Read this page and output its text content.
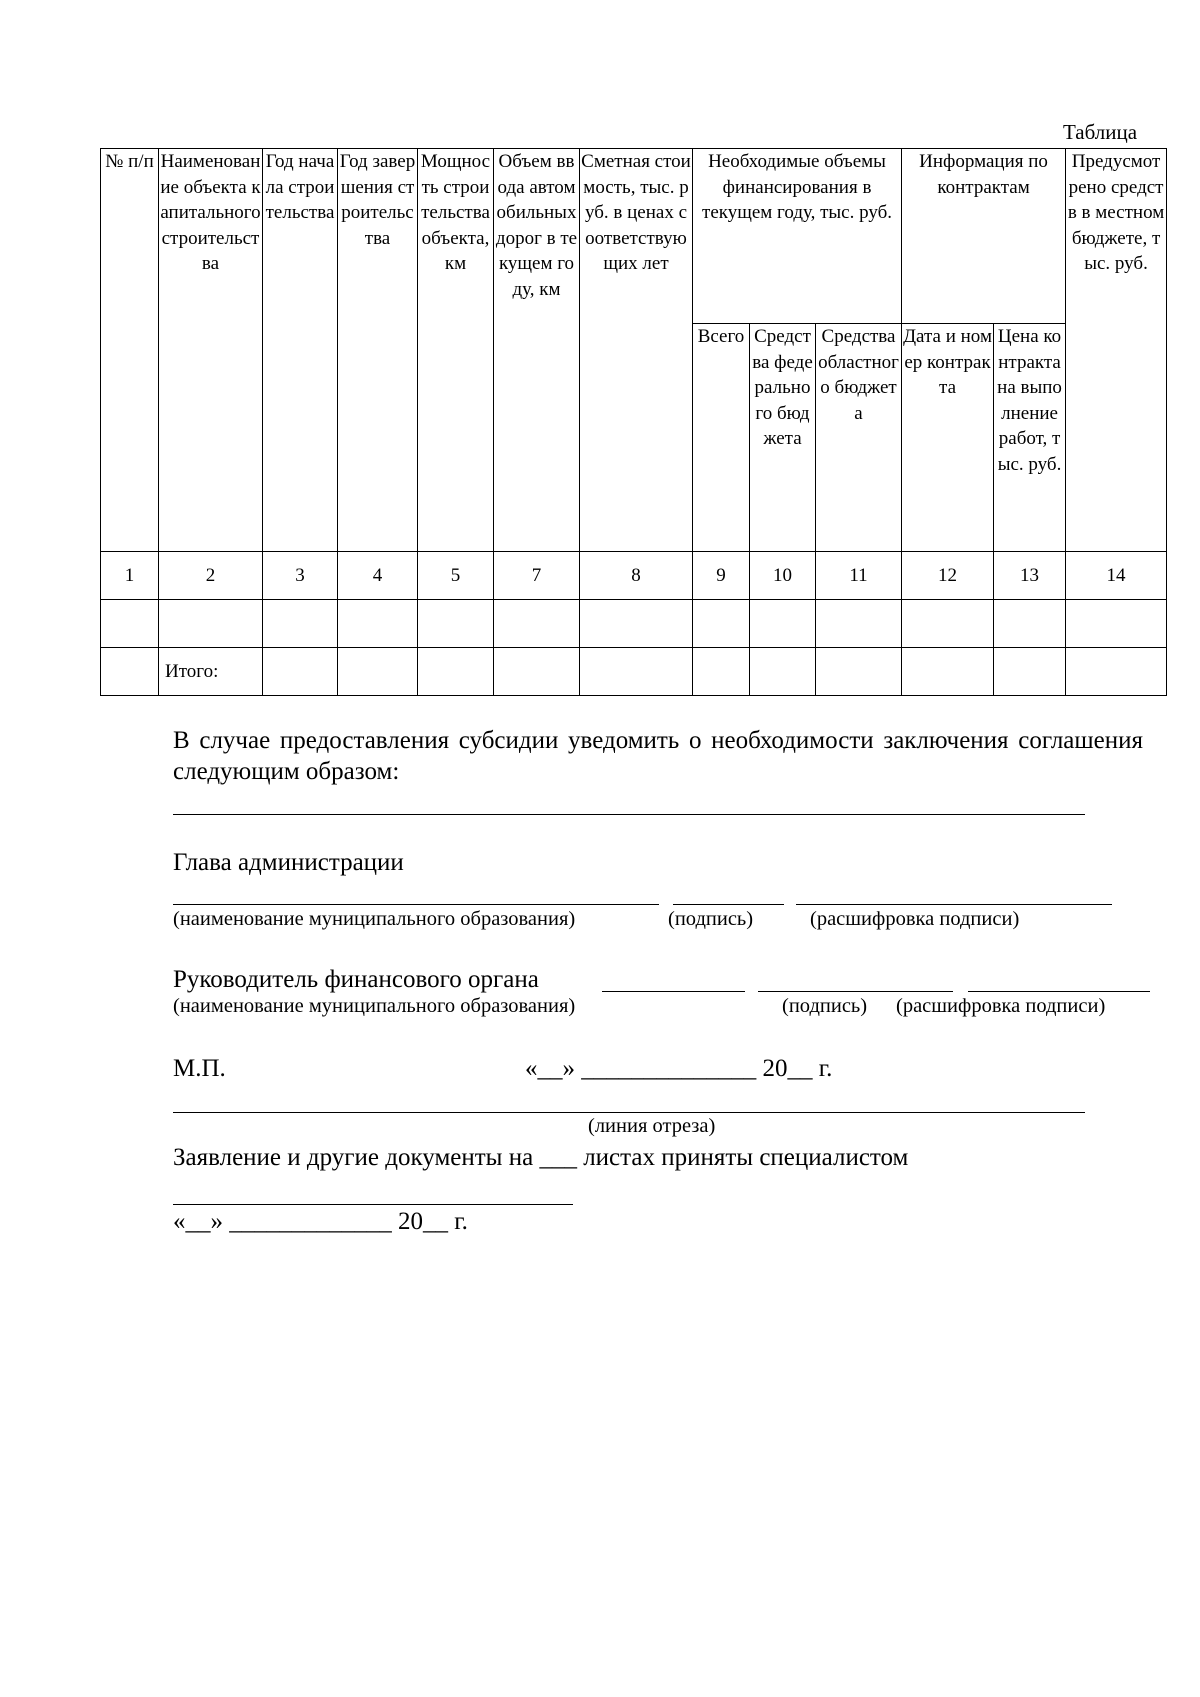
Таблица
№ п/п	Наименование объекта капитального строительства	Год начала строительства	Год завершения строительства	Мощность строительства объекта, км	Объем ввода автомобильных дорог в текущем году, км	Сметная стоимость, тыс. руб. в ценах соответствующих лет	Необходимые объемы финансирования в текущем году, тыс. руб.			Информация по контрактам		Предусмотрено средств в местном бюджете, тыс. руб.
							Всего	Средства федерального бюджета	Средства областного бюджета	Дата и номер контракта	Цена контракта на выполнение работ, тыс. руб.	
1	2	3	4	5	7	8	9	10	11	12	13	14

	Итого:											
В случае предоставления субсидии уведомить о необходимости заключения соглашения следующим образом:
Глава администрации
(наименование муниципального образования)	(подпись)	(расшифровка подписи)
Руководитель финансового органа
(наименование муниципального образования)	(подпись) (расшифровка подписи)
М.П.	«__» ______________ 20__ г.
(линия отреза)
Заявление и другие документы на ___ листах приняты специалистом
«__» _____________ 20__ г.
